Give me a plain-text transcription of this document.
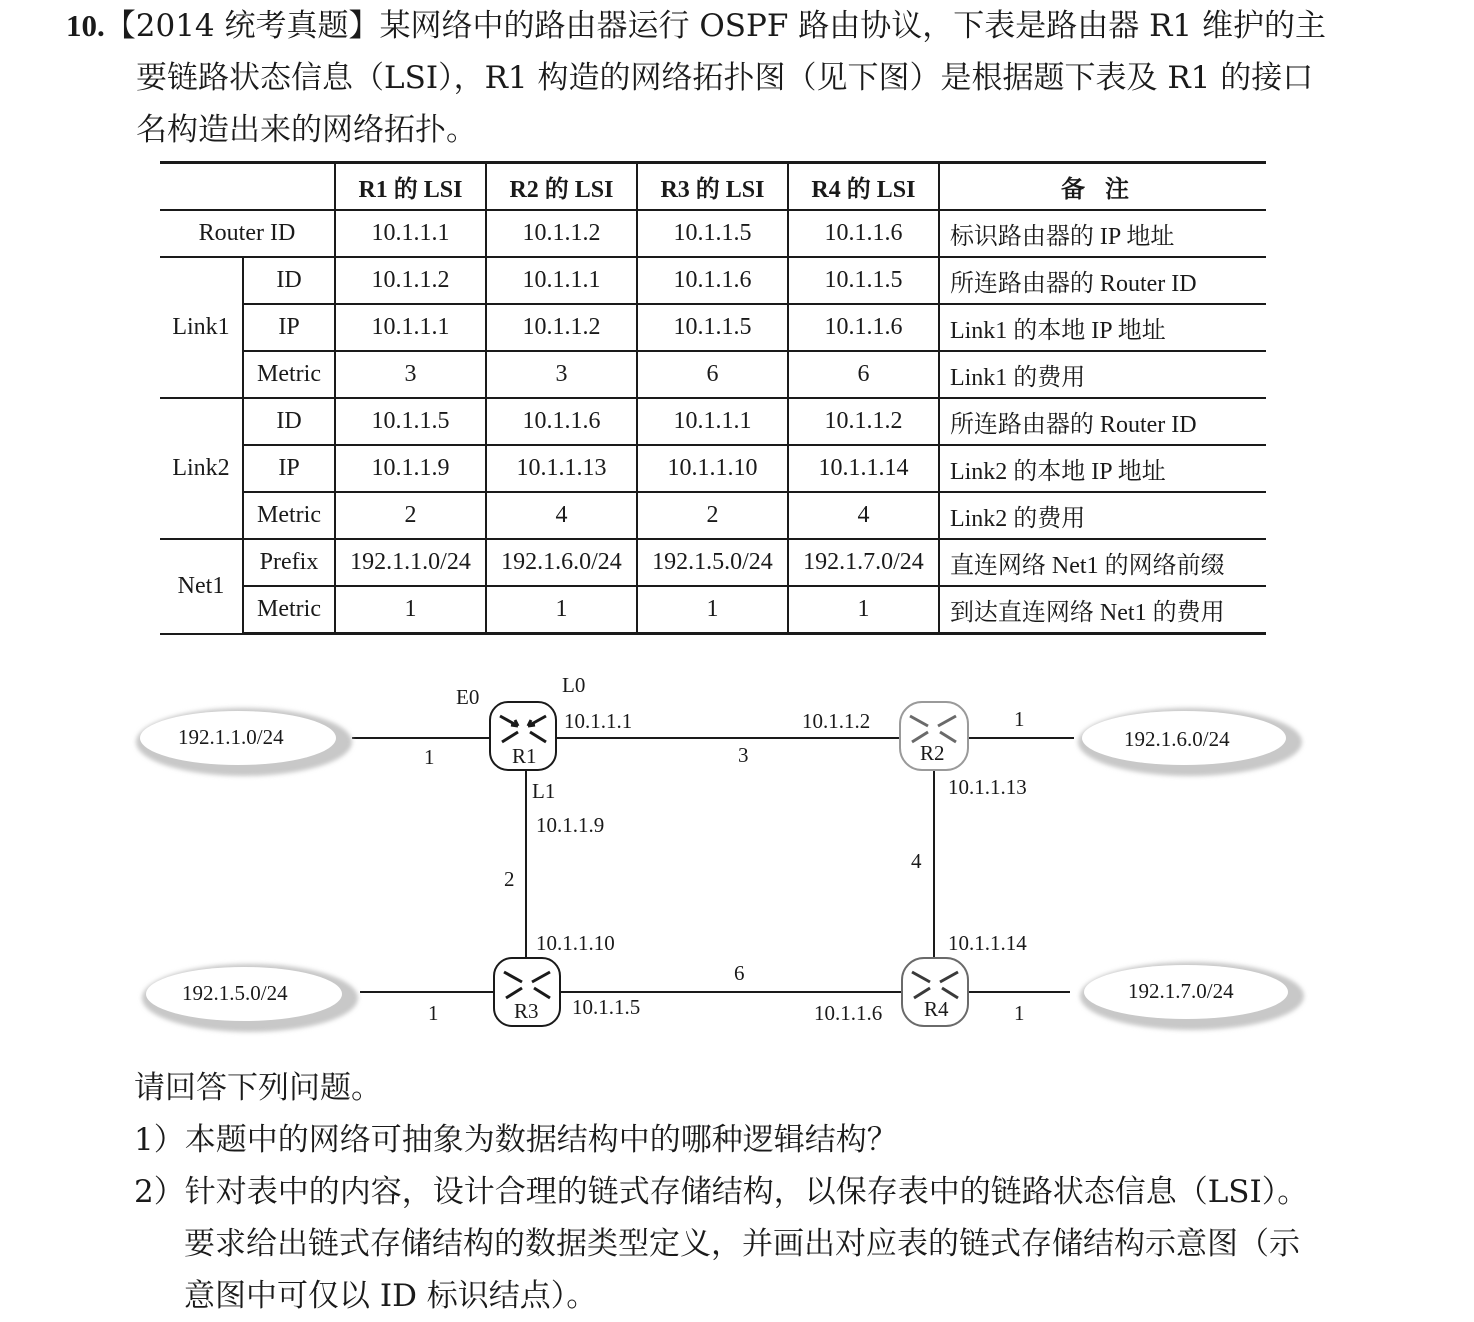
10.【2014 统考真题】某网络中的路由器运行 OSPF 路由协议，下表是路由器 R1 维护的主

要链路状态信息（LSI），R1 构造的网络拓扑图（见下图）是根据题下表及 R1 的接口

名构造出来的网络拓扑。

		R1 的 LSI	R2 的 LSI	R3 的 LSI	R4 的 LSI	备注
Router ID		10.1.1.1	10.1.1.2	10.1.1.5	10.1.1.6	标识路由器的 IP 地址
Link1	ID	10.1.1.2	10.1.1.1	10.1.1.6	10.1.1.5	所连路由器的 Router ID
	IP	10.1.1.1	10.1.1.2	10.1.1.5	10.1.1.6	Link1 的本地 IP 地址
	Metric	3	3	6	6	Link1 的费用
Link2	ID	10.1.1.5	10.1.1.6	10.1.1.1	10.1.1.2	所连路由器的 Router ID
	IP	10.1.1.9	10.1.1.13	10.1.1.10	10.1.1.14	Link2 的本地 IP 地址
	Metric	2	4	2	4	Link2 的费用
Net1	Prefix	192.1.1.0/24	192.1.6.0/24	192.1.5.0/24	192.1.7.0/24	直连网络 Net1 的网络前缀
	Metric	1	1	1	1	到达直连网络 Net1 的费用
192.1.1.0/24	192.1.6.0/24
192.1.5.0/24	192.1.7.0/24
R1	R2
R3	R4
E0	L0
L1
10.1.1.1	10.1.1.2
10.1.1.13
10.1.1.9
10.1.1.10	10.1.1.14
10.1.1.5	10.1.1.6
1	3
1
2
4
1
6
1

请回答下列问题。

1）本题中的网络可抽象为数据结构中的哪种逻辑结构？

2）针对表中的内容，设计合理的链式存储结构，以保存表中的链路状态信息（LSI）。

要求给出链式存储结构的数据类型定义，并画出对应表的链式存储结构示意图（示

意图中可仅以 ID 标识结点）。
